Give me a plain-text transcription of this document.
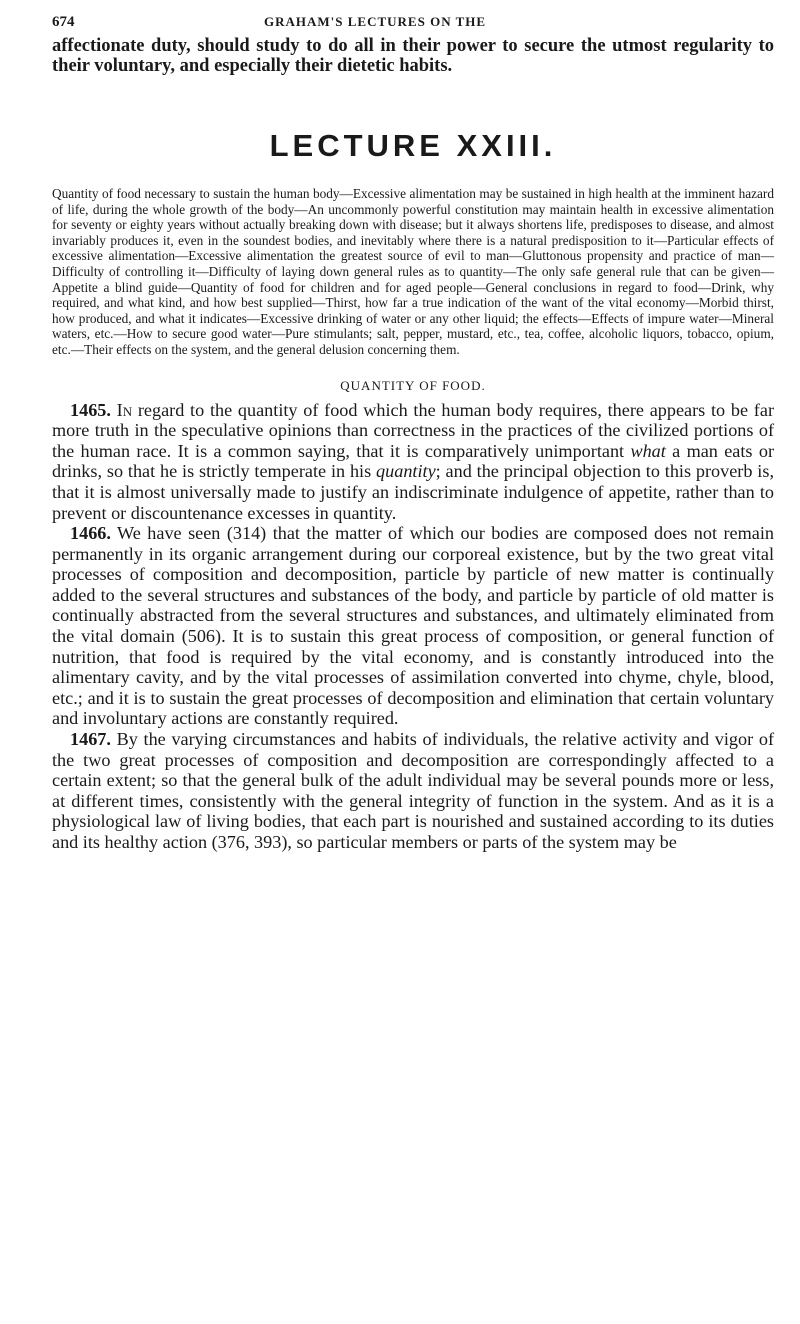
674	GRAHAM'S LECTURES ON THE

affectionate duty, should study to do all in their power to secure the utmost regularity to their voluntary, and especially their dietetic habits.

LECTURE XXIII.

Quantity of food necessary to sustain the human body—Excessive alimentation may be sustained in high health at the imminent hazard of life, during the whole growth of the body—An uncommonly powerful constitution may maintain health in excessive alimentation for seventy or eighty years without actually breaking down with disease; but it always shortens life, predisposes to disease, and almost invariably produces it, even in the soundest bodies, and inevitably where there is a natural predisposition to it—Particular effects of excessive alimentation—Excessive alimentation the greatest source of evil to man—Gluttonous propensity and practice of man—Difficulty of controlling it—Difficulty of laying down general rules as to quantity—The only safe general rule that can be given—Appetite a blind guide—Quantity of food for children and for aged people—General conclusions in regard to food—Drink, why required, and what kind, and how best supplied—Thirst, how far a true indication of the want of the vital economy—Morbid thirst, how produced, and what it indicates—Excessive drinking of water or any other liquid; the effects—Effects of impure water—Mineral waters, etc.—How to secure good water—Pure stimulants; salt, pepper, mustard, etc., tea, coffee, alcoholic liquors, tobacco, opium, etc.—Their effects on the system, and the general delusion concerning them.

QUANTITY OF FOOD.

1465. In regard to the quantity of food which the human body requires, there appears to be far more truth in the speculative opinions than correctness in the practices of the civilized portions of the human race. It is a common saying, that it is comparatively unimportant what a man eats or drinks, so that he is strictly temperate in his quantity; and the principal objection to this proverb is, that it is almost universally made to justify an indiscriminate indulgence of appetite, rather than to prevent or discountenance excesses in quantity.

1466. We have seen (314) that the matter of which our bodies are composed does not remain permanently in its organic arrangement during our corporeal existence, but by the two great vital processes of composition and decomposition, particle by particle of new matter is continually added to the several structures and substances of the body, and particle by particle of old matter is continually abstracted from the several structures and substances, and ultimately eliminated from the vital domain (506). It is to sustain this great process of composition, or general function of nutrition, that food is required by the vital economy, and is constantly introduced into the alimentary cavity, and by the vital processes of assimilation converted into chyme, chyle, blood, etc.; and it is to sustain the great processes of decomposition and elimination that certain voluntary and involuntary actions are constantly required.

1467. By the varying circumstances and habits of individuals, the relative activity and vigor of the two great processes of composition and decomposition are correspondingly affected to a certain extent; so that the general bulk of the adult individual may be several pounds more or less, at different times, consistently with the general integrity of function in the system. And as it is a physiological law of living bodies, that each part is nourished and sustained according to its duties and its healthy action (376, 393), so particular members or parts of the system may be
